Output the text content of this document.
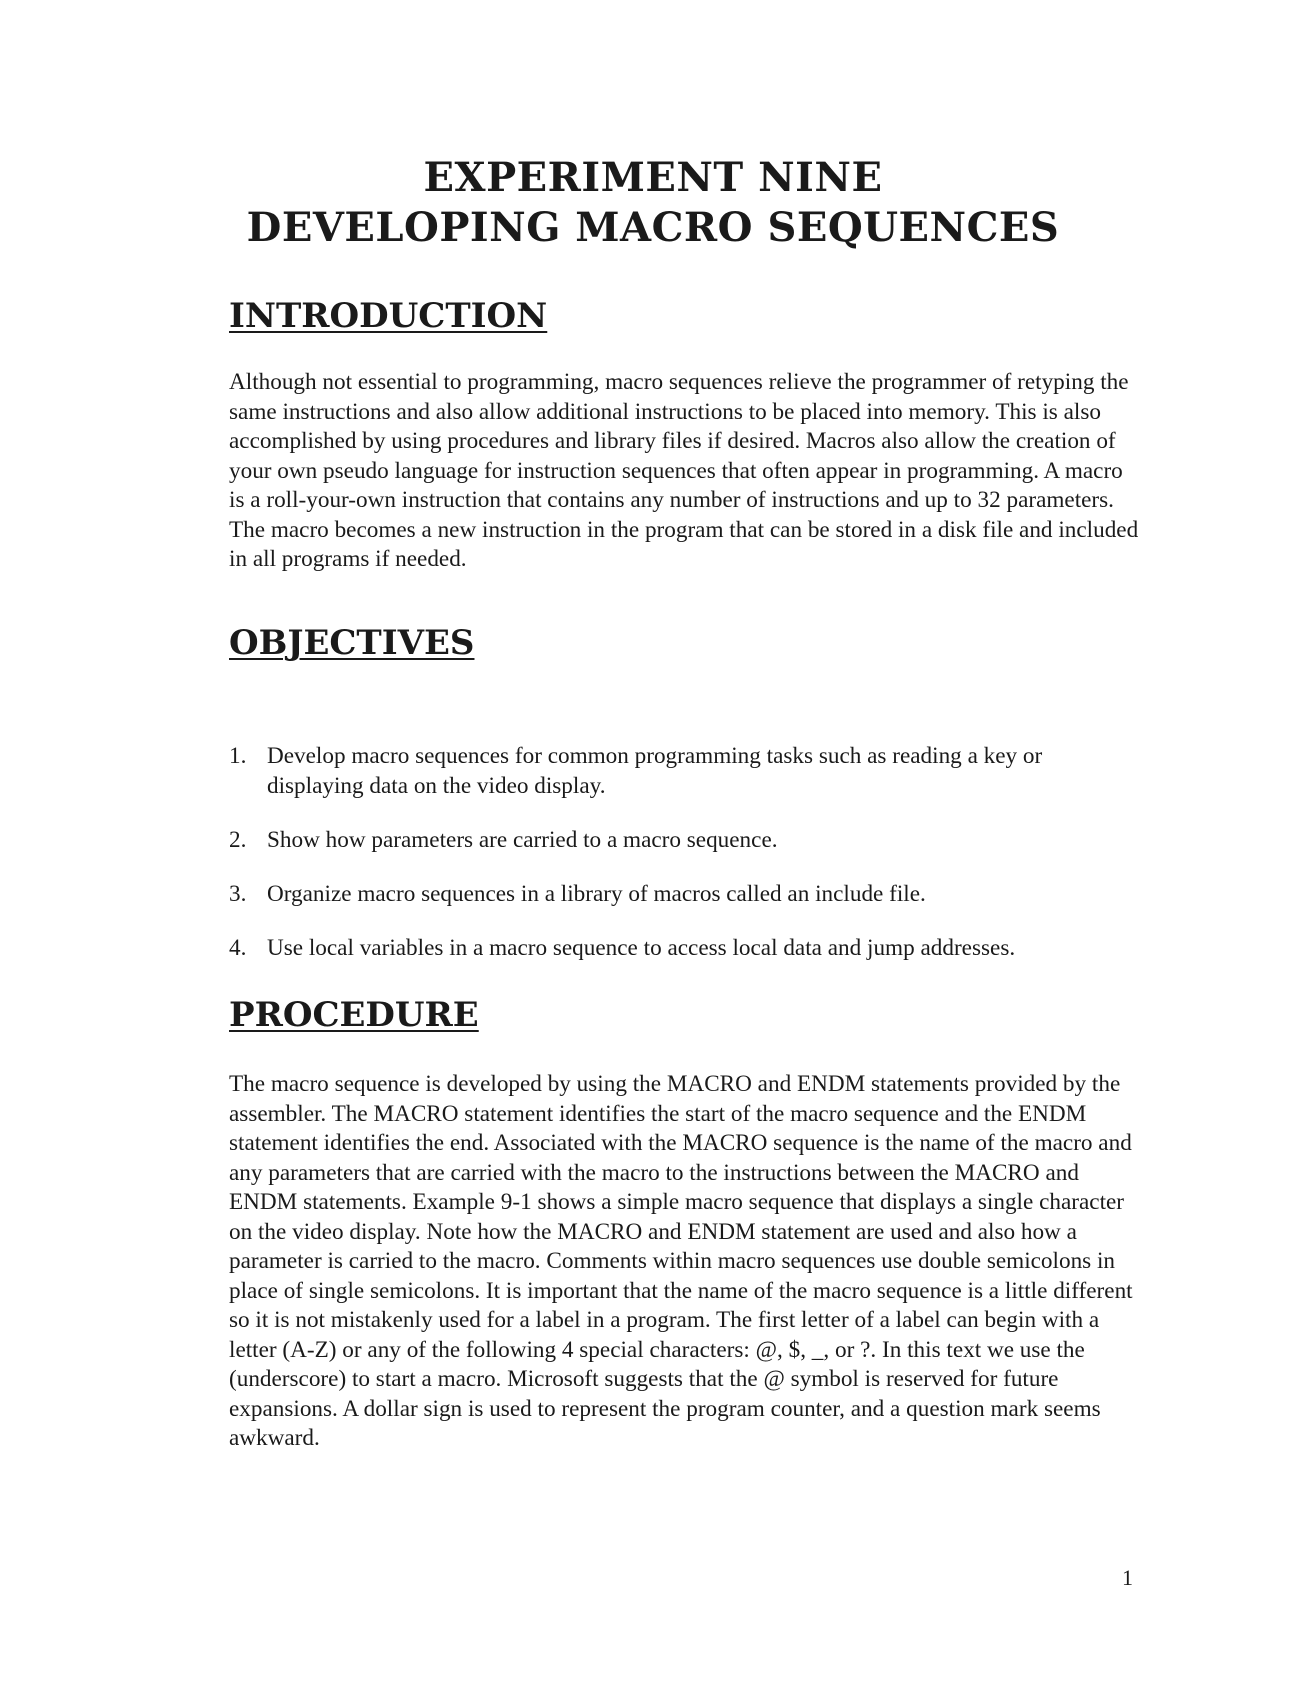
EXPERIMENT NINE
DEVELOPING MACRO SEQUENCES
INTRODUCTION

Although not essential to programming, macro sequences relieve the programmer of retyping the same instructions and also allow additional instructions to be placed into memory. This is also accomplished by using procedures and library files if desired. Macros also allow the creation of your own pseudo language for instruction sequences that often appear in programming. A macro is a roll-your-own instruction that contains any number of instructions and up to 32 parameters. The macro becomes a new instruction in the program that can be stored in a disk file and included in all programs if needed.

OBJECTIVES
1. Develop macro sequences for common programming tasks such as reading a key or displaying data on the video display.
2. Show how parameters are carried to a macro sequence.
3. Organize macro sequences in a library of macros called an include file.
4. Use local variables in a macro sequence to access local data and jump addresses.
PROCEDURE

The macro sequence is developed by using the MACRO and ENDM statements provided by the assembler. The MACRO statement identifies the start of the macro sequence and the ENDM statement identifies the end. Associated with the MACRO sequence is the name of the macro and any parameters that are carried with the macro to the instructions between the MACRO and ENDM statements. Example 9-1 shows a simple macro sequence that displays a single character on the video display. Note how the MACRO and ENDM statement are used and also how a parameter is carried to the macro. Comments within macro sequences use double semicolons in place of single semicolons. It is important that the name of the macro sequence is a little different so it is not mistakenly used for a label in a program. The first letter of a label can begin with a letter (A-Z) or any of the following 4 special characters: @, $, _, or ?. In this text we use the (underscore) to start a macro. Microsoft suggests that the @ symbol is reserved for future expansions. A dollar sign is used to represent the program counter, and a question mark seems awkward.

1
